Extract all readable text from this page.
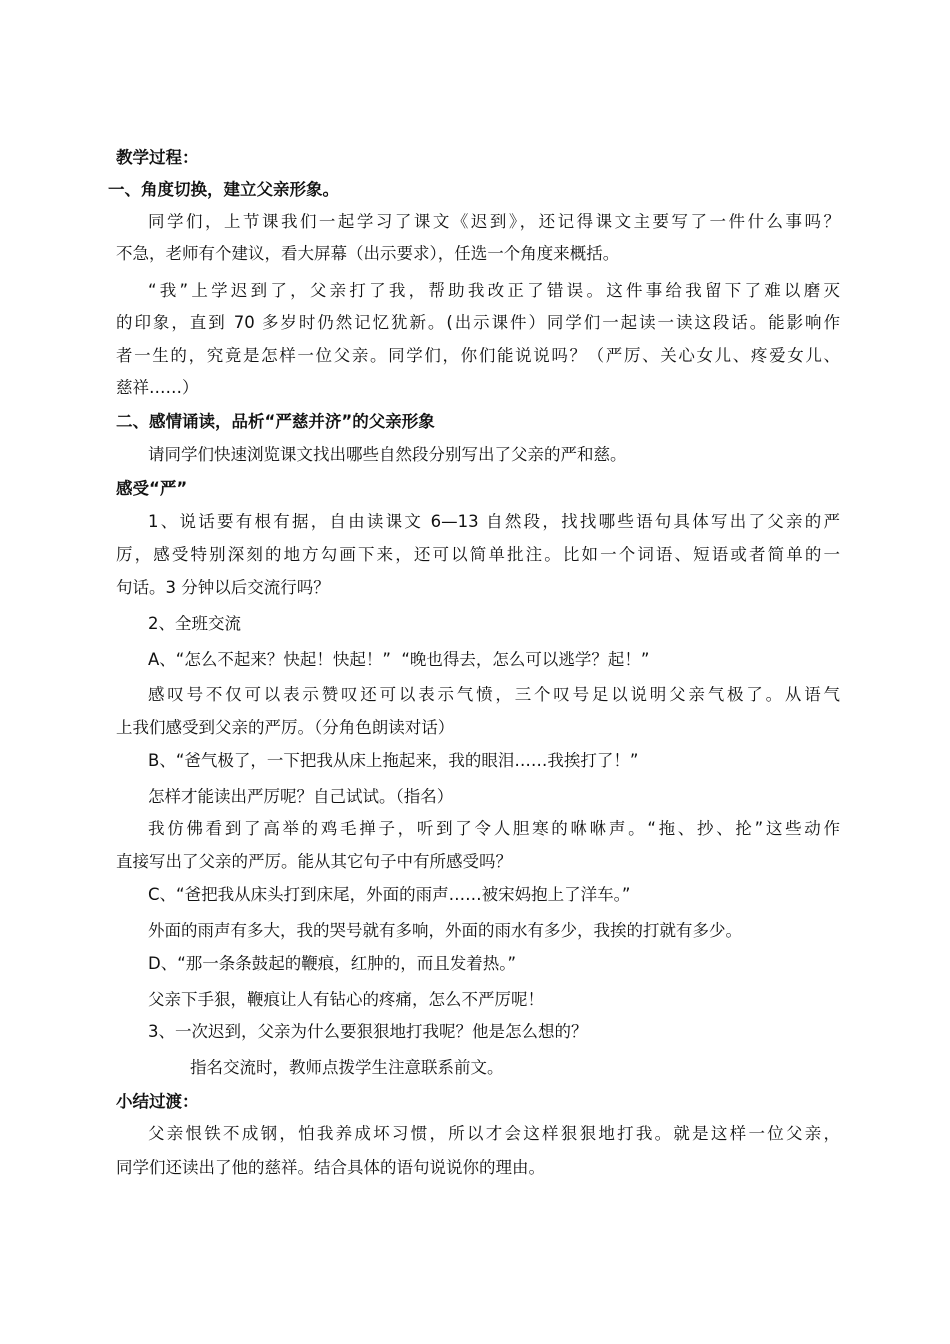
教学过程：
一、角度切换，建立父亲形象。
同学们，上节课我们一起学习了课文《迟到》，还记得课文主要写了一件什么事吗？
不急，老师有个建议，看大屏幕（出示要求），任选一个角度来概括。
“我”上学迟到了，父亲打了我，帮助我改正了错误。这件事给我留下了难以磨灭
的印象，直到 70 多岁时仍然记忆犹新。(出示课件）同学们一起读一读这段话。能影响作
者一生的，究竟是怎样一位父亲。同学们，你们能说说吗？（严厉、关心女儿、疼爱女儿、
慈祥……）
二、感情诵读，品析“严慈并济”的父亲形象
请同学们快速浏览课文找出哪些自然段分别写出了父亲的严和慈。
感受“严”
1、说话要有根有据，自由读课文 6—13 自然段，找找哪些语句具体写出了父亲的严
厉，感受特别深刻的地方勾画下来，还可以简单批注。比如一个词语、短语或者简单的一
句话。3 分钟以后交流行吗？
2、全班交流
A、“怎么不起来？快起！快起！”  “晚也得去，怎么可以逃学？起！”
感叹号不仅可以表示赞叹还可以表示气愤，三个叹号足以说明父亲气极了。从语气
上我们感受到父亲的严厉。（分角色朗读对话）
B、“爸气极了，一下把我从床上拖起来，我的眼泪……我挨打了！”
怎样才能读出严厉呢？自己试试。（指名）
我仿佛看到了高举的鸡毛掸子，听到了令人胆寒的咻咻声。“拖、抄、抡”这些动作
直接写出了父亲的严厉。能从其它句子中有所感受吗？
C、“爸把我从床头打到床尾，外面的雨声……被宋妈抱上了洋车。”
外面的雨声有多大，我的哭号就有多响，外面的雨水有多少，我挨的打就有多少。
D、“那一条条鼓起的鞭痕，红肿的，而且发着热。”
父亲下手狠，鞭痕让人有钻心的疼痛，怎么不严厉呢！
3、一次迟到，父亲为什么要狠狠地打我呢？他是怎么想的？
指名交流时，教师点拨学生注意联系前文。
小结过渡：
父亲恨铁不成钢，怕我养成坏习惯，所以才会这样狠狠地打我。就是这样一位父亲，
同学们还读出了他的慈祥。结合具体的语句说说你的理由。
